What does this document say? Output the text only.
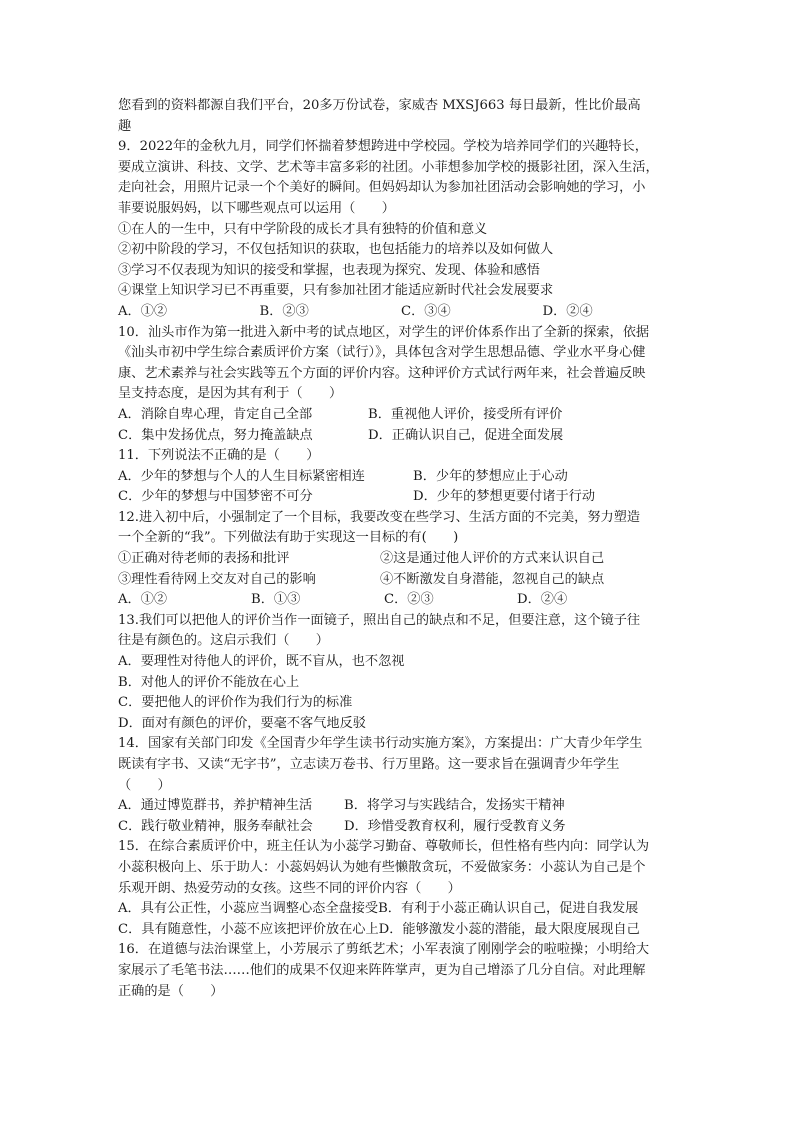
您看到的资料都源自我们平台，20多万份试卷，家威杏 MXSJ663 每日最新，性比价最高
趣
9．2022年的金秋九月，同学们怀揣着梦想跨进中学校园。学校为培养同学们的兴趣特长，
要成立演讲、科技、文学、艺术等丰富多彩的社团。小菲想参加学校的摄影社团，深入生活，
走向社会，用照片记录一个个美好的瞬间。但妈妈却认为参加社团活动会影响她的学习，小
菲要说服妈妈，以下哪些观点可以运用（　　）
①在人的一生中，只有中学阶段的成长才具有独特的价值和意义
②初中阶段的学习，不仅包括知识的获取，也包括能力的培养以及如何做人
③学习不仅表现为知识的接受和掌握，也表现为探究、发现、体验和感悟
④课堂上知识学习已不再重要，只有参加社团才能适应新时代社会发展要求
A．①②	B．②③	C．③④	D．②④
10．汕头市作为第一批进入新中考的试点地区，对学生的评价体系作出了全新的探索，依据
《汕头市初中学生综合素质评价方案（试行）》，具体包含对学生思想品德、学业水平身心健
康、艺术素养与社会实践等五个方面的评价内容。这种评价方式试行两年来，社会普遍反映
呈支持态度，是因为其有利于（　　）
A．消除自卑心理，肯定自己全部	B．重视他人评价，接受所有评价
C．集中发扬优点，努力掩盖缺点	D．正确认识自己，促进全面发展
11．下列说法不正确的是（　　）
A．少年的梦想与个人的人生目标紧密相连	B．少年的梦想应止于心动
C．少年的梦想与中国梦密不可分	D．少年的梦想更要付诸于行动
12.进入初中后，小强制定了一个目标，我要改变在些学习、生活方面的不完美，努力塑造
一个全新的“我”。下列做法有助于实现这一目标的有(　　)
①正确对待老师的表扬和批评	②这是通过他人评价的方式来认识自己
③理性看待网上交友对自己的影响	④不断激发自身潜能，忽视自己的缺点
A．①②	B．①③	C．②③	D．②④
13.我们可以把他人的评价当作一面镜子，照出自己的缺点和不足，但要注意，这个镜子往
往是有颜色的。这启示我们（　　）
A．要理性对待他人的评价，既不盲从，也不忽视
B．对他人的评价不能放在心上
C．要把他人的评价作为我们行为的标准
D．面对有颜色的评价，要毫不客气地反驳
14．国家有关部门印发《全国青少年学生读书行动实施方案》，方案提出：广大青少年学生
既读有字书、又读“无字书”，立志读万卷书、行万里路。这一要求旨在强调青少年学生
（　　）
A．通过博览群书，养护精神生活	B．将学习与实践结合，发扬实干精神
C．践行敬业精神，服务奉献社会	D．珍惜受教育权利，履行受教育义务
15．在综合素质评价中，班主任认为小蕊学习勤奋、尊敬师长，但性格有些内向：同学认为
小蕊积极向上、乐于助人：小蕊妈妈认为她有些懒散贪玩，不爱做家务：小蕊认为自己是个
乐观开朗、热爱劳动的女孩。这些不同的评价内容（　　）
A．具有公正性，小蕊应当调整心态全盘接受 B．有利于小蕊正确认识自己，促进自我发展
C．具有随意性，小蕊不应该把评价放在心上 D．能够激发小蕊的潜能，最大限度展现自己
16．在道德与法治课堂上，小芳展示了剪纸艺术；小军表演了刚刚学会的啦啦操；小明给大
家展示了毛笔书法……他们的成果不仅迎来阵阵掌声，更为自己增添了几分自信。对此理解
正确的是（　　）
